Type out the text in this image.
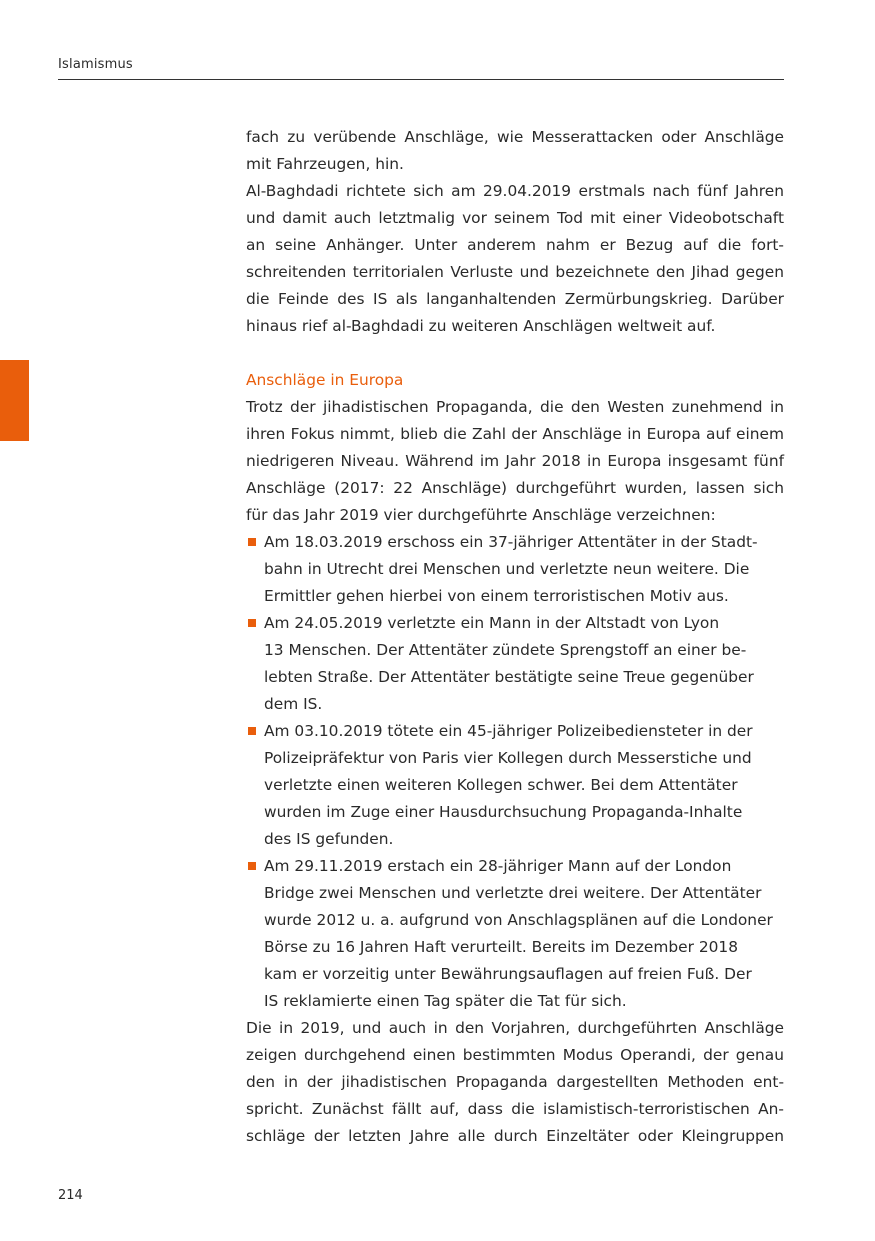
Islamismus

fach zu verübende Anschläge, wie Messerattacken oder Anschläge
mit Fahrzeugen, hin.

Al-Baghdadi richtete sich am 29.04.2019 erstmals nach fünf Jahren
und damit auch letztmalig vor seinem Tod mit einer Videobotschaft
an seine Anhänger. Unter anderem nahm er Bezug auf die fort-
schreitenden territorialen Verluste und bezeichnete den Jihad gegen
die Feinde des IS als langanhaltenden Zermürbungskrieg. Darüber
hinaus rief al-Baghdadi zu weiteren Anschlägen weltweit auf.

Anschläge in Europa

Trotz der jihadistischen Propaganda, die den Westen zunehmend in
ihren Fokus nimmt, blieb die Zahl der Anschläge in Europa auf einem
niedrigeren Niveau. Während im Jahr 2018 in Europa insgesamt fünf
Anschläge (2017: 22 Anschläge) durchgeführt wurden, lassen sich
für das Jahr 2019 vier durchgeführte Anschläge verzeichnen:

Am 18.03.2019 erschoss ein 37-jähriger Attentäter in der Stadt-
bahn in Utrecht drei Menschen und verletzte neun weitere. Die
Ermittler gehen hierbei von einem terroristischen Motiv aus.
Am 24.05.2019 verletzte ein Mann in der Altstadt von Lyon
13 Menschen. Der Attentäter zündete Sprengstoff an einer be-
lebten Straße. Der Attentäter bestätigte seine Treue gegenüber
dem IS.
Am 03.10.2019 tötete ein 45-jähriger Polizeibediensteter in der
Polizeipräfektur von Paris vier Kollegen durch Messerstiche und
verletzte einen weiteren Kollegen schwer. Bei dem Attentäter
wurden im Zuge einer Hausdurchsuchung Propaganda-Inhalte
des IS gefunden.
Am 29.11.2019 erstach ein 28-jähriger Mann auf der London
Bridge zwei Menschen und verletzte drei weitere. Der Attentäter
wurde 2012 u. a. aufgrund von Anschlagsplänen auf die Londoner
Börse zu 16 Jahren Haft verurteilt. Bereits im Dezember 2018
kam er vorzeitig unter Bewährungsauflagen auf freien Fuß. Der
IS reklamierte einen Tag später die Tat für sich.

Die in 2019, und auch in den Vorjahren, durchgeführten Anschläge
zeigen durchgehend einen bestimmten Modus Operandi, der genau
den in der jihadistischen Propaganda dargestellten Methoden ent-
spricht. Zunächst fällt auf, dass die islamistisch-terroristischen An-
schläge der letzten Jahre alle durch Einzeltäter oder Kleingruppen

214
